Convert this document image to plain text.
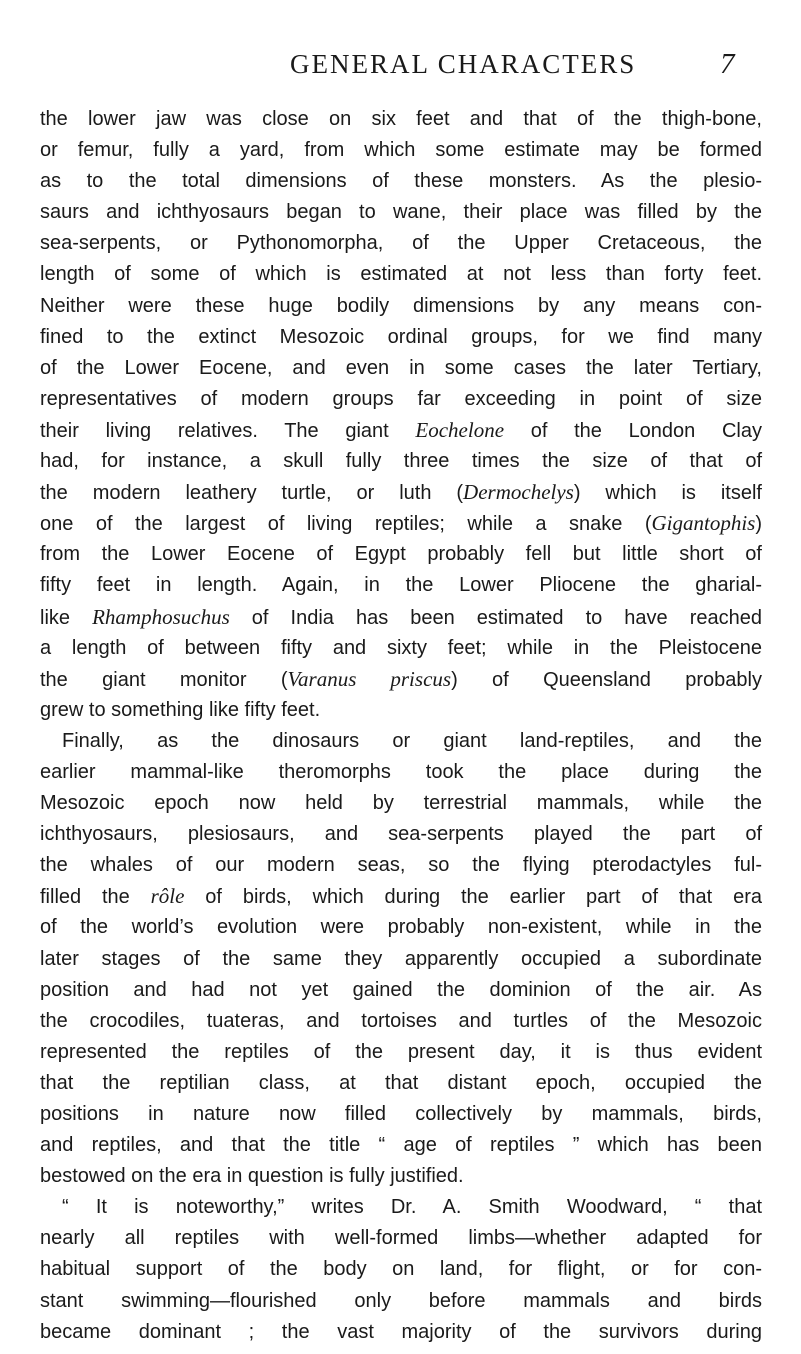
GENERAL CHARACTERS	7
the lower jaw was close on six feet and that of the thigh-bone,
or femur, fully a yard, from which some estimate may be formed
as to the total dimensions of these monsters. As the plesio-
saurs and ichthyosaurs began to wane, their place was filled by the
sea-serpents, or Pythonomorpha, of the Upper Cretaceous, the
length of some of which is estimated at not less than forty feet.
Neither were these huge bodily dimensions by any means con-
fined to the extinct Mesozoic ordinal groups, for we find many
of the Lower Eocene, and even in some cases the later Tertiary,
representatives of modern groups far exceeding in point of size
their living relatives. The giant Eochelone of the London Clay
had, for instance, a skull fully three times the size of that of
the modern leathery turtle, or luth (Dermochelys) which is itself
one of the largest of living reptiles; while a snake (Gigantophis)
from the Lower Eocene of Egypt probably fell but little short of
fifty feet in length. Again, in the Lower Pliocene the gharial-
like Rhamphosuchus of India has been estimated to have reached
a length of between fifty and sixty feet; while in the Pleistocene
the giant monitor (Varanus priscus) of Queensland probably
grew to something like fifty feet.
Finally, as the dinosaurs or giant land-reptiles, and the
earlier mammal-like theromorphs took the place during the
Mesozoic epoch now held by terrestrial mammals, while the
ichthyosaurs, plesiosaurs, and sea-serpents played the part of
the whales of our modern seas, so the flying pterodactyles ful-
filled the rôle of birds, which during the earlier part of that era
of the world’s evolution were probably non-existent, while in the
later stages of the same they apparently occupied a subordinate
position and had not yet gained the dominion of the air. As
the crocodiles, tuateras, and tortoises and turtles of the Mesozoic
represented the reptiles of the present day, it is thus evident
that the reptilian class, at that distant epoch, occupied the
positions in nature now filled collectively by mammals, birds,
and reptiles, and that the title “ age of reptiles ” which has been
bestowed on the era in question is fully justified.
“ It is noteworthy,” writes Dr. A. Smith Woodward, “ that
nearly all reptiles with well-formed limbs—whether adapted for
habitual support of the body on land, for flight, or for con-
stant swimming—flourished only before mammals and birds
became dominant ; the vast majority of the survivors during
